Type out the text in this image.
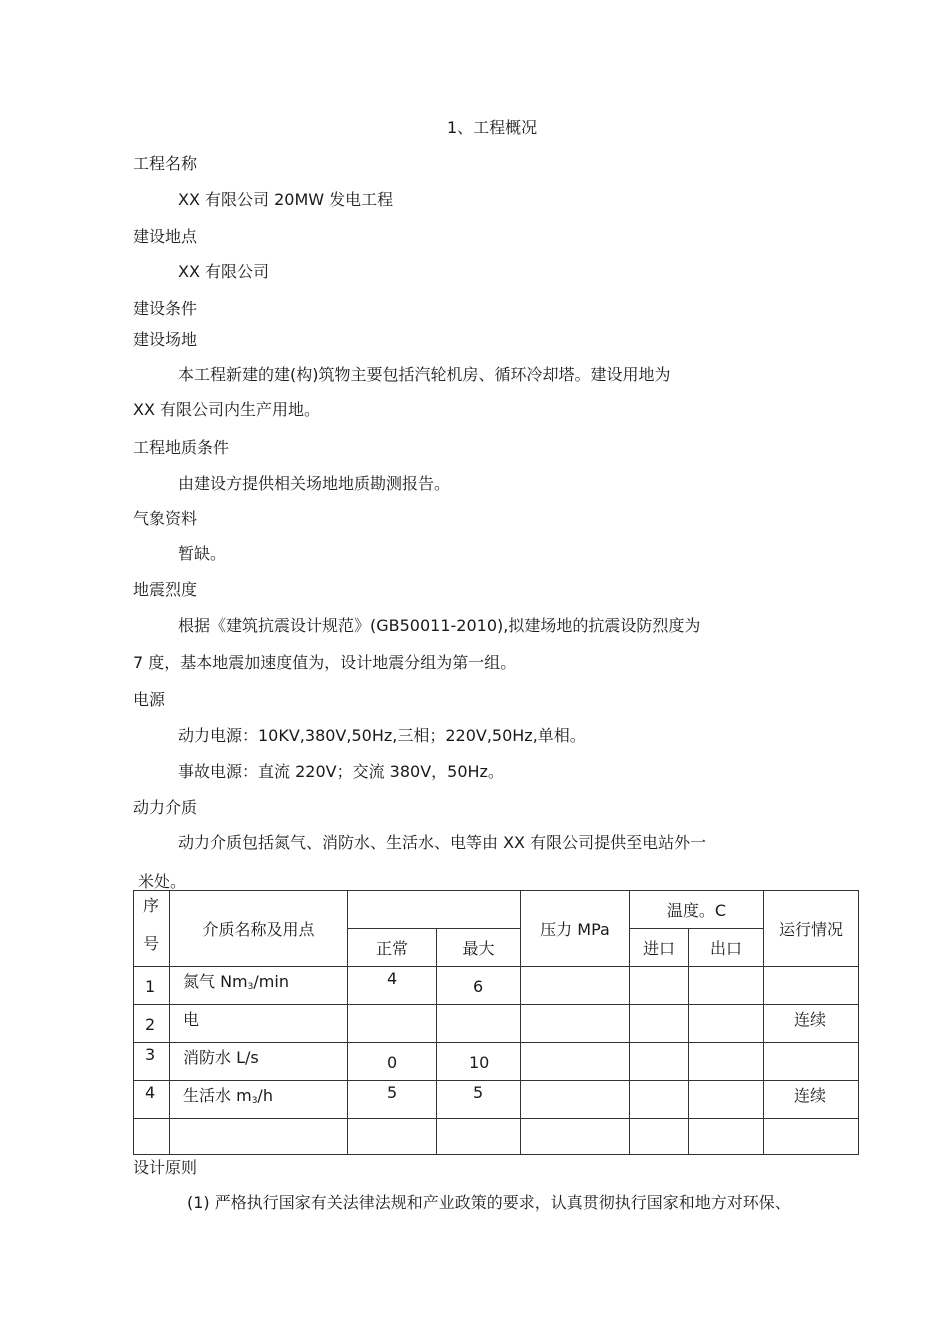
1、工程概况
工程名称
XX 有限公司 20MW 发电工程
建设地点
XX 有限公司
建设条件
建设场地
本工程新建的建(构)筑物主要包括汽轮机房、循环冷却塔。建设用地为
XX 有限公司内生产用地。
工程地质条件
由建设方提供相关场地地质勘测报告。
气象资料
暂缺。
地震烈度
根据《建筑抗震设计规范》(GB50011-2010),拟建场地的抗震设防烈度为
7 度，基本地震加速度值为，设计地震分组为第一组。
电源
动力电源：10KV,380V,50Hz,三相；220V,50Hz,单相。
事故电源：直流 220V；交流 380V，50Hz。
动力介质
动力介质包括氮气、消防水、生活水、电等由 XX 有限公司提供至电站外一
米处。
序
号	介质名称及用点			压力 MPa	温度。C		运行情况
		正常	最大		进口	出口	

1	氮气 $Nm_3/\min$	4	6				

2	电						连续

3	消防水 L/s	0	10				

4	生活水 $m_3/h$	5	5				连续

设计原则
(1) 严格执行国家有关法律法规和产业政策的要求，认真贯彻执行国家和地方对环保、
